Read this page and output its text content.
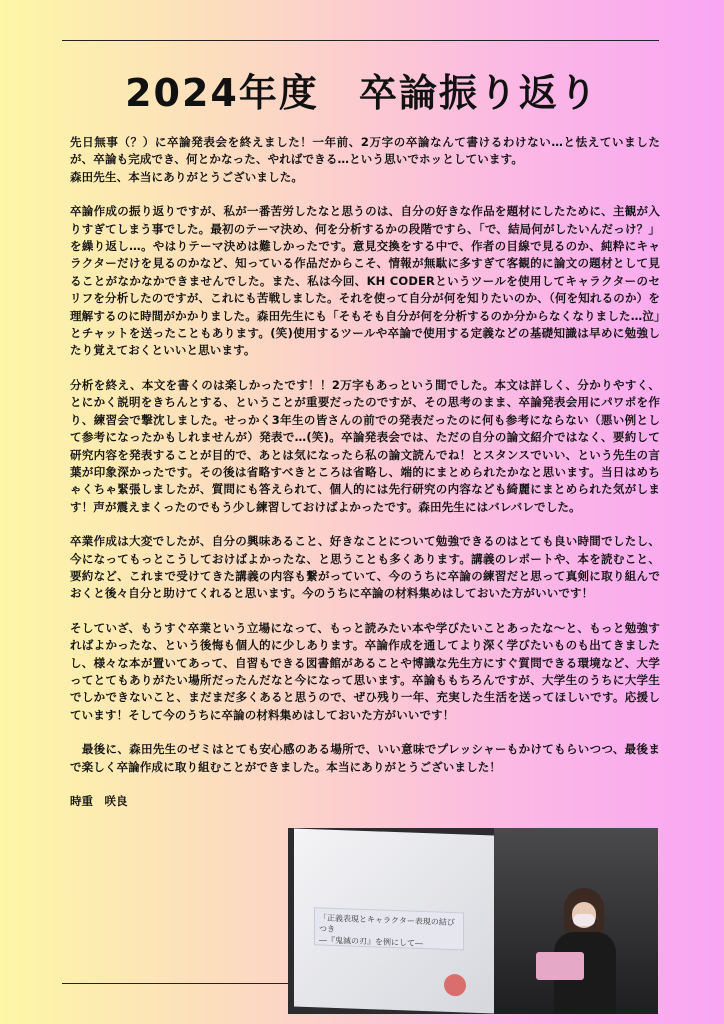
2024年度　卒論振り返り

先日無事（？）に卒論発表会を終えました！一年前、2万字の卒論なんて書けるわけない…と怯えていましたが、卒論も完成でき、何とかなった、やればできる…という思いでホッとしています。
森田先生、本当にありがとうございました。

卒論作成の振り返りですが、私が一番苦労したなと思うのは、自分の好きな作品を題材にしたために、主観が入りすぎてしまう事でした。最初のテーマ決め、何を分析するかの段階ですら、「で、結局何がしたいんだっけ？」を繰り返し…。やはりテーマ決めは難しかったです。意見交換をする中で、作者の目線で見るのか、純粋にキャラクターだけを見るのかなど、知っている作品だからこそ、情報が無駄に多すぎて客観的に論文の題材として見ることがなかなかできませんでした。また、私は今回、KH CODERというツールを使用してキャラクターのセリフを分析したのですが、これにも苦戦しました。それを使って自分が何を知りたいのか、（何を知れるのか）を理解するのに時間がかかりました。森田先生にも「そもそも自分が何を分析するのか分からなくなりました…泣」とチャットを送ったこともあります。(笑)使用するツールや卒論で使用する定義などの基礎知識は早めに勉強したり覚えておくといいと思います。

分析を終え、本文を書くのは楽しかったです！！2万字もあっという間でした。本文は詳しく、分かりやすく、とにかく説明をきちんとする、ということが重要だったのですが、その思考のまま、卒論発表会用にパワポを作り、練習会で撃沈しました。せっかく3年生の皆さんの前での発表だったのに何も参考にならない（悪い例として参考になったかもしれませんが）発表で…(笑)。卒論発表会では、ただの自分の論文紹介ではなく、要約して研究内容を発表することが目的で、あとは気になったら私の論文読んでね！とスタンスでいい、という先生の言葉が印象深かったです。その後は省略すべきところは省略し、端的にまとめられたかなと思います。当日はめちゃくちゃ緊張しましたが、質問にも答えられて、個人的には先行研究の内容なども綺麗にまとめられた気がします！声が震えまくったのでもう少し練習しておけばよかったです。森田先生にはバレバレでした。

卒業作成は大変でしたが、自分の興味あること、好きなことについて勉強できるのはとても良い時間でしたし、今になってもっとこうしておけばよかったな、と思うことも多くあります。講義のレポートや、本を読むこと、要約など、これまで受けてきた講義の内容も繋がっていて、今のうちに卒論の練習だと思って真剣に取り組んでおくと後々自分と助けてくれると思います。今のうちに卒論の材料集めはしておいた方がいいです！

そしていざ、もうすぐ卒業という立場になって、もっと読みたい本や学びたいことあったな〜と、もっと勉強すればよかったな、という後悔も個人的に少しあります。卒論作成を通してより深く学びたいものも出てきましたし、様々な本が置いてあって、自習もできる図書館があることや博識な先生方にすぐ質問できる環境など、大学ってとてもありがたい場所だったんだなと今になって思います。卒論ももちろんですが、大学生のうちに大学生でしかできないこと、まだまだ多くあると思うので、ぜひ残り一年、充実した生活を送ってほしいです。応援しています！そして今のうちに卒論の材料集めはしておいた方がいいです！

　最後に、森田先生のゼミはとても安心感のある場所で、いい意味でプレッシャーもかけてもらいつつ、最後まで楽しく卒論作成に取り組むことができました。本当にありがとうございました！

時重　咲良
「正義表現とキャラクター表現の結びつき
―『鬼滅の刃』を例にして―
